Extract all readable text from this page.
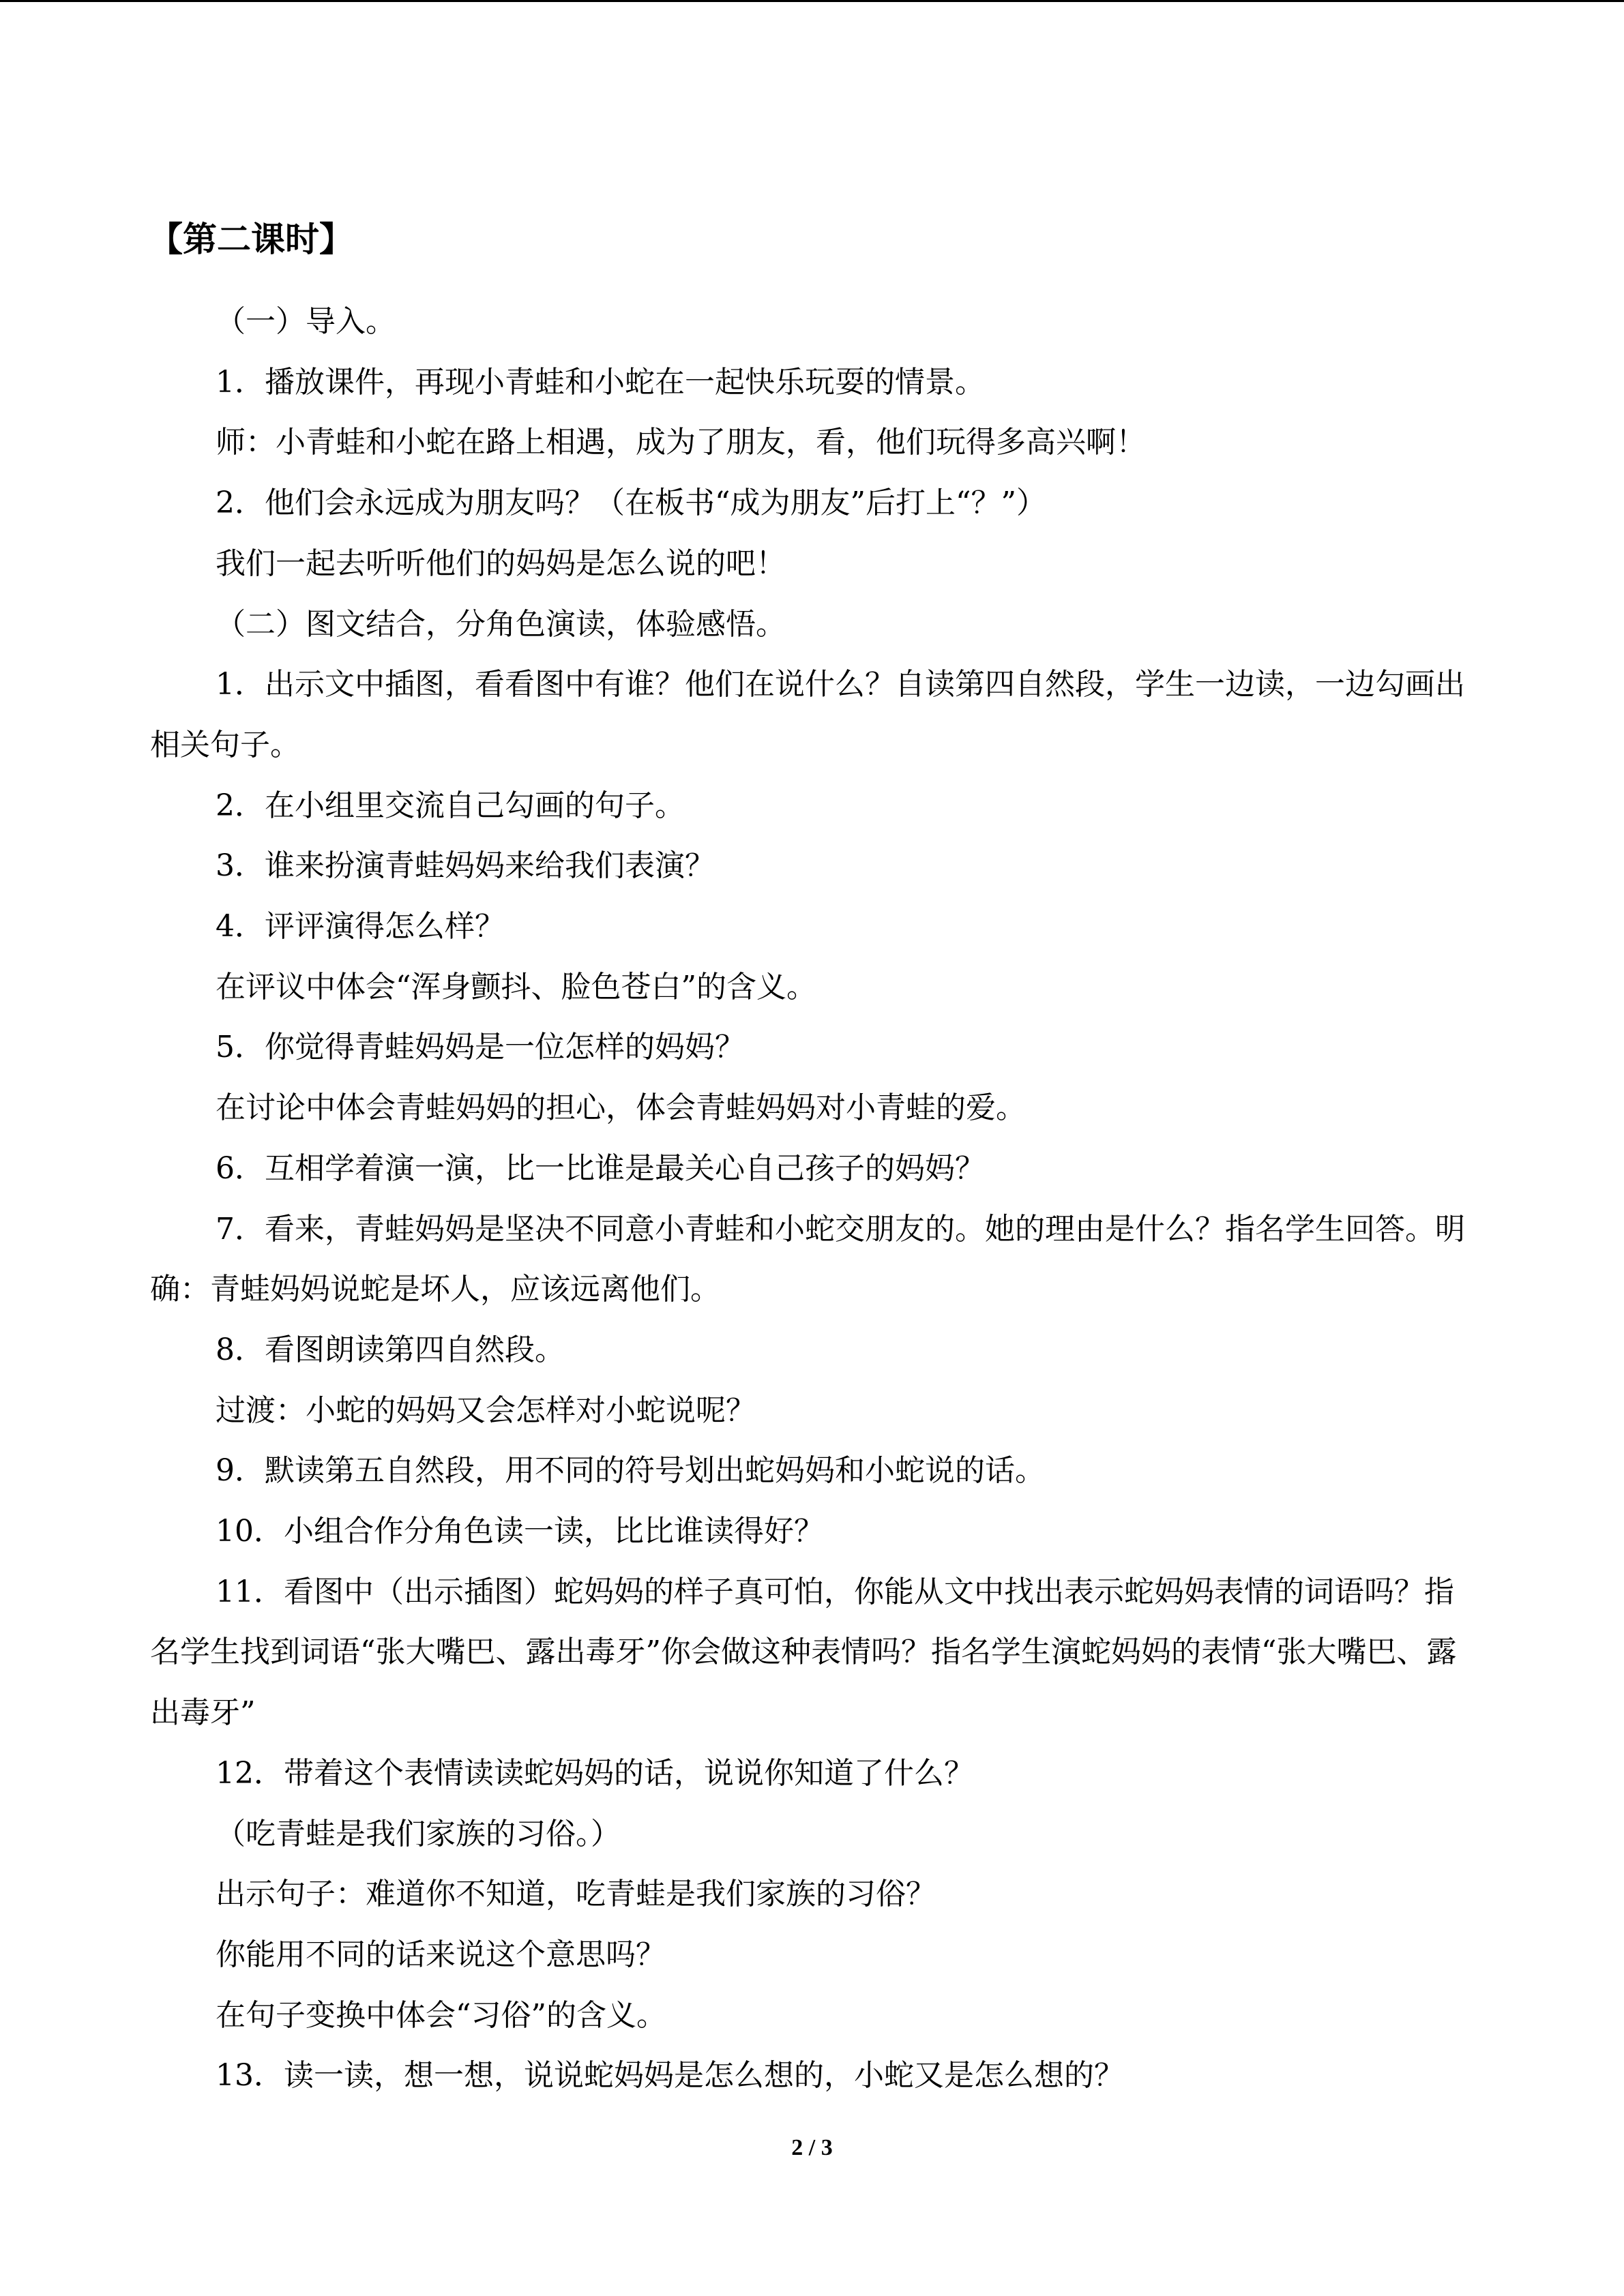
【第二课时】

（一）导入。

1．播放课件，再现小青蛙和小蛇在一起快乐玩耍的情景。

师：小青蛙和小蛇在路上相遇，成为了朋友，看，他们玩得多高兴啊！

2．他们会永远成为朋友吗？（在板书“成为朋友”后打上“？”）

我们一起去听听他们的妈妈是怎么说的吧！

（二）图文结合，分角色演读，体验感悟。

1．出示文中插图，看看图中有谁？他们在说什么？自读第四自然段，学生一边读，一边勾画出相关句子。

2．在小组里交流自己勾画的句子。

3．谁来扮演青蛙妈妈来给我们表演？

4．评评演得怎么样？

在评议中体会“浑身颤抖、脸色苍白”的含义。

5．你觉得青蛙妈妈是一位怎样的妈妈？

在讨论中体会青蛙妈妈的担心，体会青蛙妈妈对小青蛙的爱。

6．互相学着演一演，比一比谁是最关心自己孩子的妈妈？

7．看来，青蛙妈妈是坚决不同意小青蛙和小蛇交朋友的。她的理由是什么？指名学生回答。明确：青蛙妈妈说蛇是坏人，应该远离他们。

8．看图朗读第四自然段。

过渡：小蛇的妈妈又会怎样对小蛇说呢？

9．默读第五自然段，用不同的符号划出蛇妈妈和小蛇说的话。

10．小组合作分角色读一读，比比谁读得好？

11．看图中（出示插图）蛇妈妈的样子真可怕，你能从文中找出表示蛇妈妈表情的词语吗？指名学生找到词语“张大嘴巴、露出毒牙”你会做这种表情吗？指名学生演蛇妈妈的表情“张大嘴巴、露出毒牙”

12．带着这个表情读读蛇妈妈的话，说说你知道了什么？

（吃青蛙是我们家族的习俗。）

出示句子：难道你不知道，吃青蛙是我们家族的习俗？

你能用不同的话来说这个意思吗？

在句子变换中体会“习俗”的含义。

13．读一读，想一想，说说蛇妈妈是怎么想的，小蛇又是怎么想的？

2 / 3
